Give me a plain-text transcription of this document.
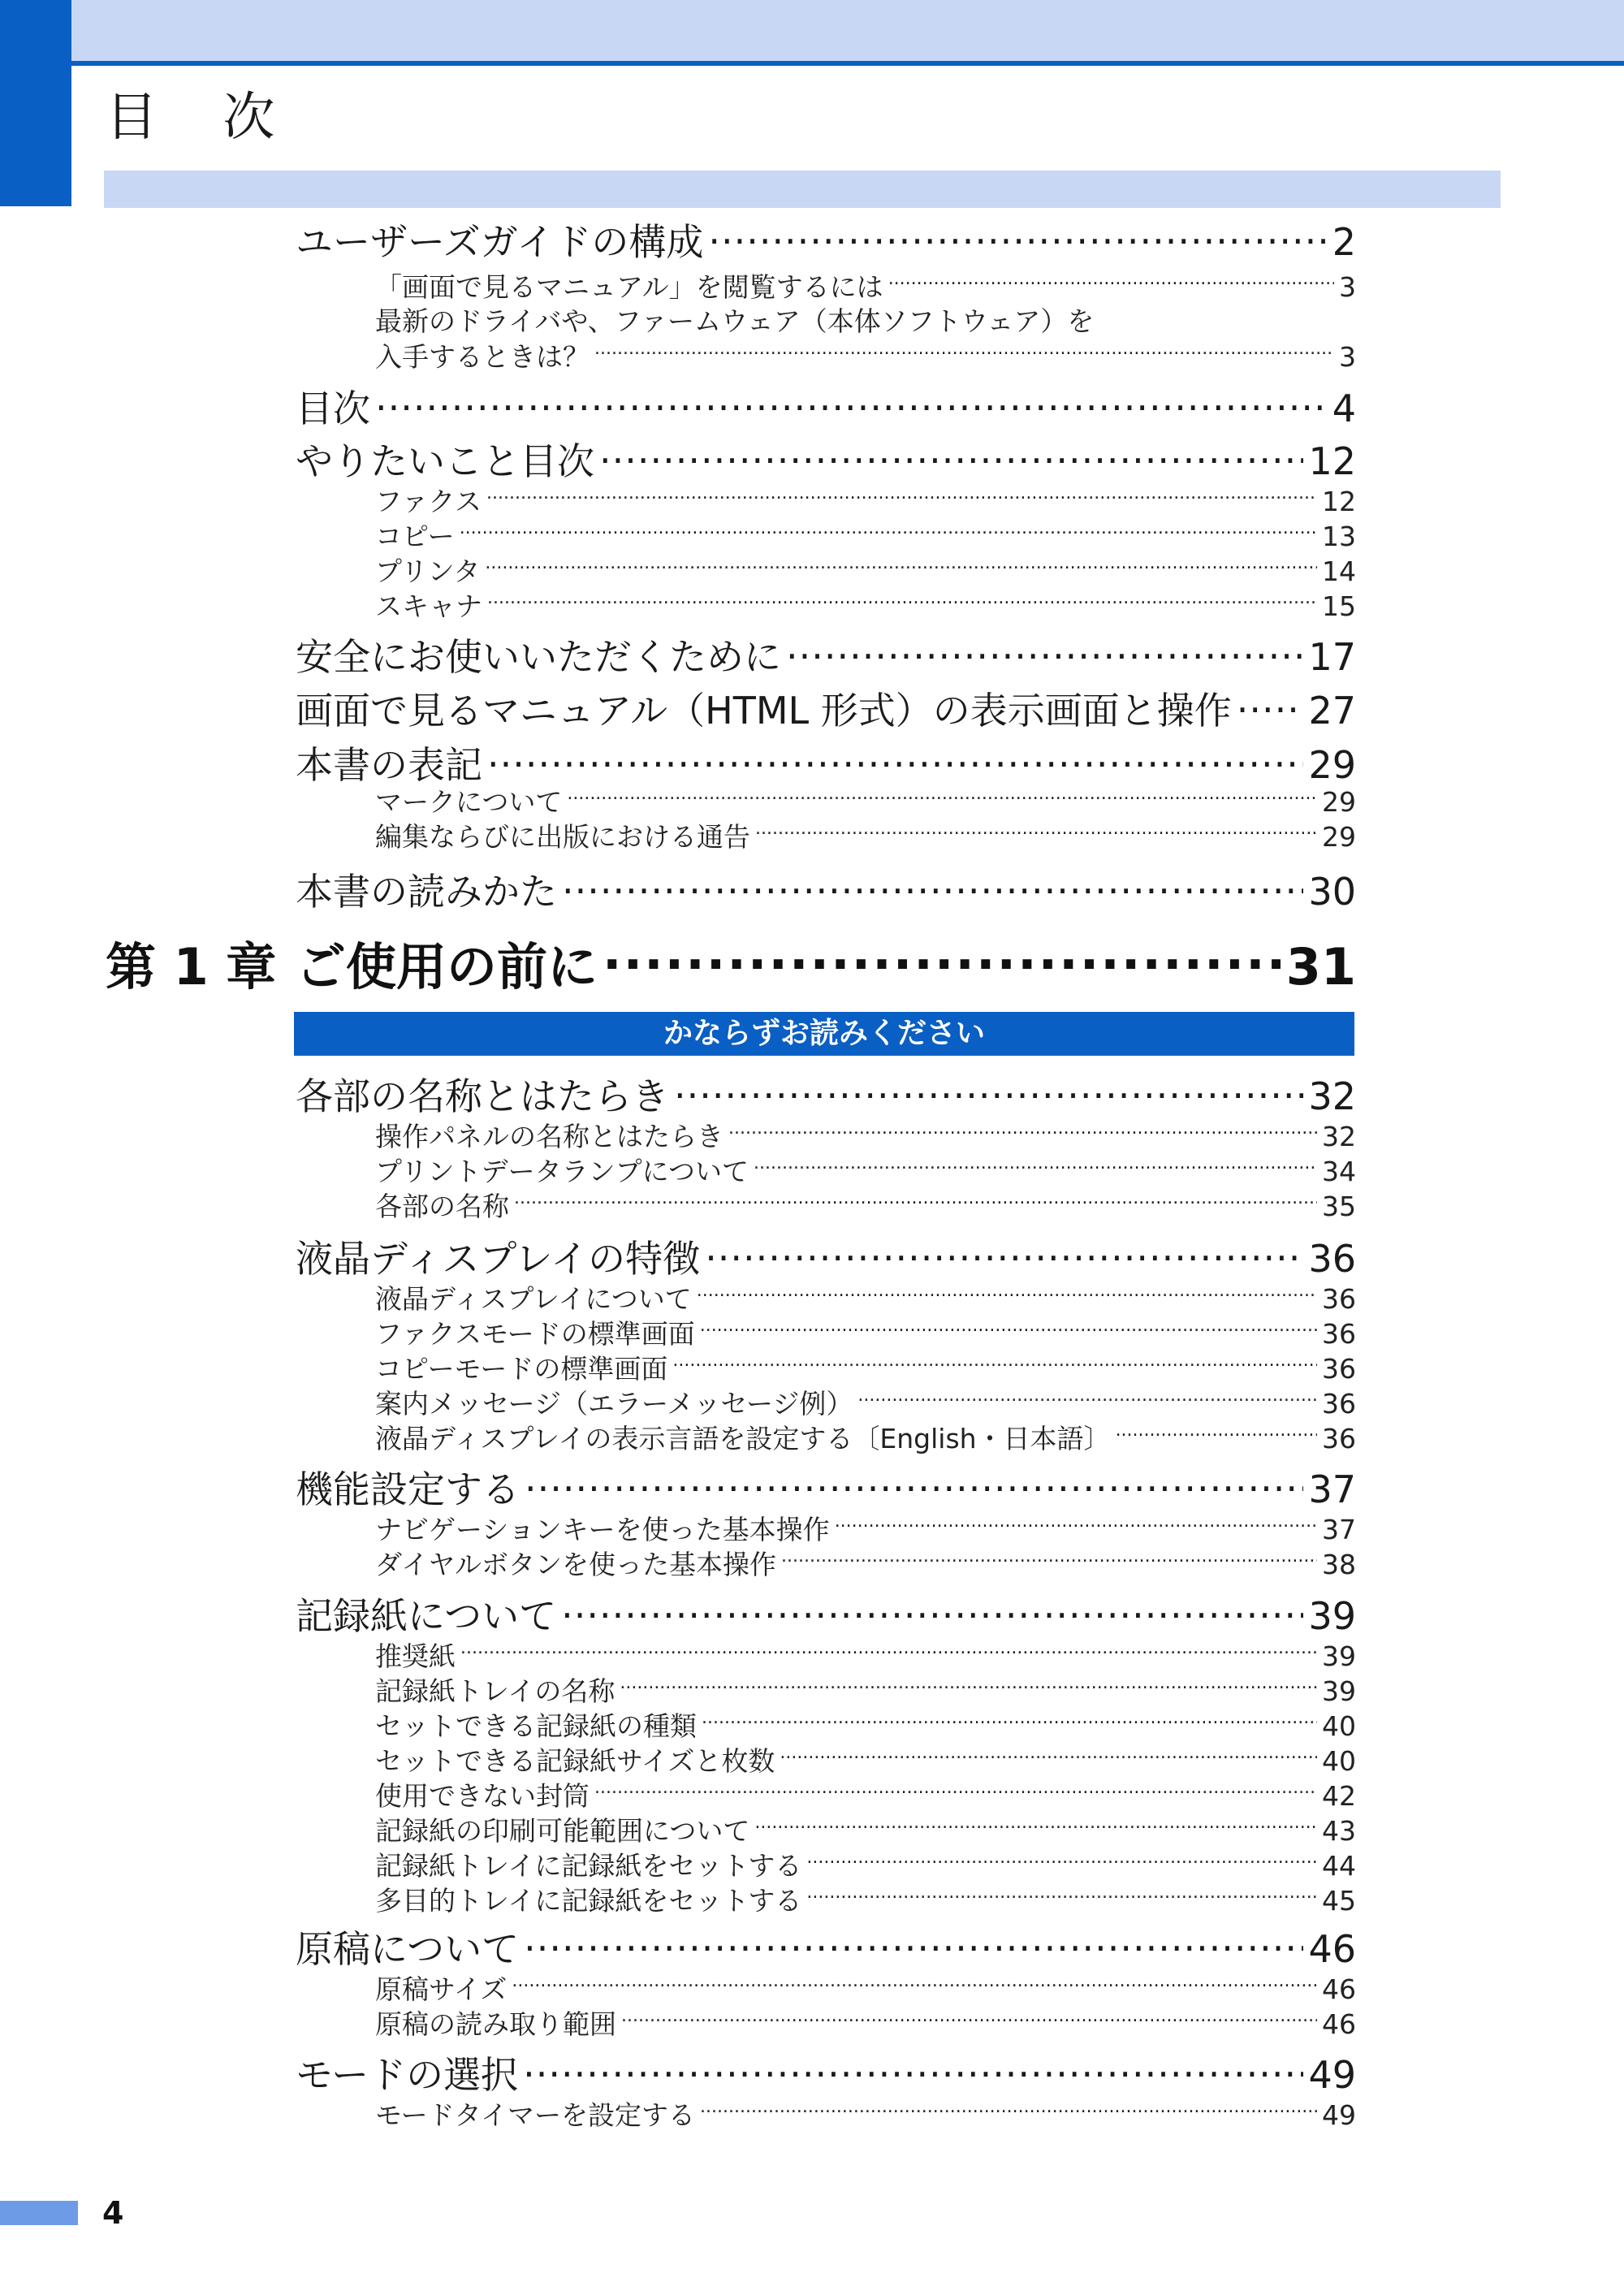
目 次
ユーザーズガイドの構成 .....	2
「画面で見るマニュアル」を閲覧するには .....	3
最新のドライバや、ファームウェア（本体ソフトウェア）を
入手するときは？ .....	3
目次 .....	4
やりたいこと目次 .....	12
ファクス .....	12
コピー .....	13
プリンタ .....	14
スキャナ .....	15
安全にお使いいただくために .....	17
画面で見るマニュアル（HTML 形式）の表示画面と操作 ..... 27
本書の表記 .....	29
マークについて .....	29
編集ならびに出版における通告 .....	29
本書の読みかた .....	30
各部の名称とはたらき .....	32
操作パネルの名称とはたらき .....	32
プリントデータランプについて .....	34
各部の名称 .....	35
液晶ディスプレイの特徴 .....	36
液晶ディスプレイについて .....	36
ファクスモードの標準画面 .....	36
コピーモードの標準画面 .....	36
案内メッセージ（エラーメッセージ例） .....	36
液晶ディスプレイの表示言語を設定する〔English・日本語〕 .....	36
機能設定する .....	37
ナビゲーションキーを使った基本操作 .....	37
ダイヤルボタンを使った基本操作 .....	38
記録紙について .....	39
推奨紙 .....	39
記録紙トレイの名称 .....	39
セットできる記録紙の種類 .....	40
セットできる記録紙サイズと枚数 .....	40
使用できない封筒 .....	42
記録紙の印刷可能範囲について .....	43
記録紙トレイに記録紙をセットする .....	44
多目的トレイに記録紙をセットする .....	45
原稿について .....	46
原稿サイズ .....	46
原稿の読み取り範囲 .....	46
モードの選択 .....	49
モードタイマーを設定する .....	49
第 1 章 ご使用の前に .....	31
かならずお読みください
4
